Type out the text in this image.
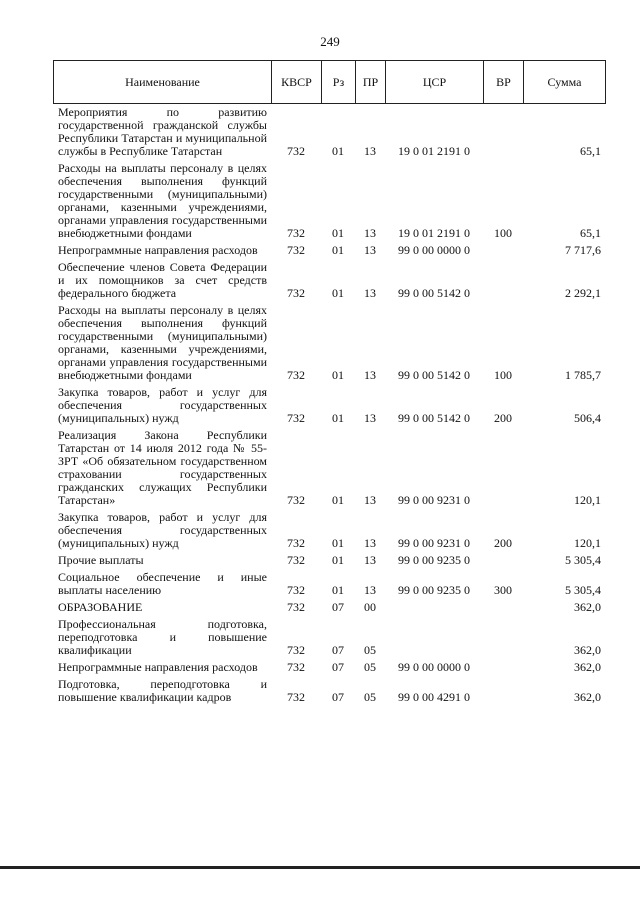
249
Наименование	КВСР	Рз	ПР	ЦСР	ВР	Сумма
Мероприятия по развитию государственной гражданской службы Республики Татарстан и муниципальной службы в Республике Татарстан	732	01	13	19 0 01 2191 0		65,1
Расходы на выплаты персоналу в целях обеспечения выполнения функций государственными (муниципальными) органами, казенными учреждениями, органами управления государственными внебюджетными фондами	732	01	13	19 0 01 2191 0	100	65,1
Непрограммные направления расходов	732	01	13	99 0 00 0000 0		7 717,6
Обеспечение членов Совета Федерации и их помощников за счет средств федерального бюджета	732	01	13	99 0 00 5142 0		2 292,1
Расходы на выплаты персоналу в целях обеспечения выполнения функций государственными (муниципальными) органами, казенными учреждениями, органами управления государственными внебюджетными фондами	732	01	13	99 0 00 5142 0	100	1 785,7
Закупка товаров, работ и услуг для обеспечения государственных (муниципальных) нужд	732	01	13	99 0 00 5142 0	200	506,4
Реализация Закона Республики Татарстан от 14 июля 2012 года № 55-ЗРТ «Об обязательном государственном страховании государственных гражданских служащих Республики Татарстан»	732	01	13	99 0 00 9231 0		120,1
Закупка товаров, работ и услуг для обеспечения государственных (муниципальных) нужд	732	01	13	99 0 00 9231 0	200	120,1
Прочие выплаты	732	01	13	99 0 00 9235 0		5 305,4
Социальное обеспечение и иные выплаты населению	732	01	13	99 0 00 9235 0	300	5 305,4
ОБРАЗОВАНИЕ	732	07	00			362,0
Профессиональная подготовка, переподготовка и повышение квалификации	732	07	05			362,0
Непрограммные направления расходов	732	07	05	99 0 00 0000 0		362,0
Подготовка, переподготовка и повышение квалификации кадров	732	07	05	99 0 00 4291 0		362,0
